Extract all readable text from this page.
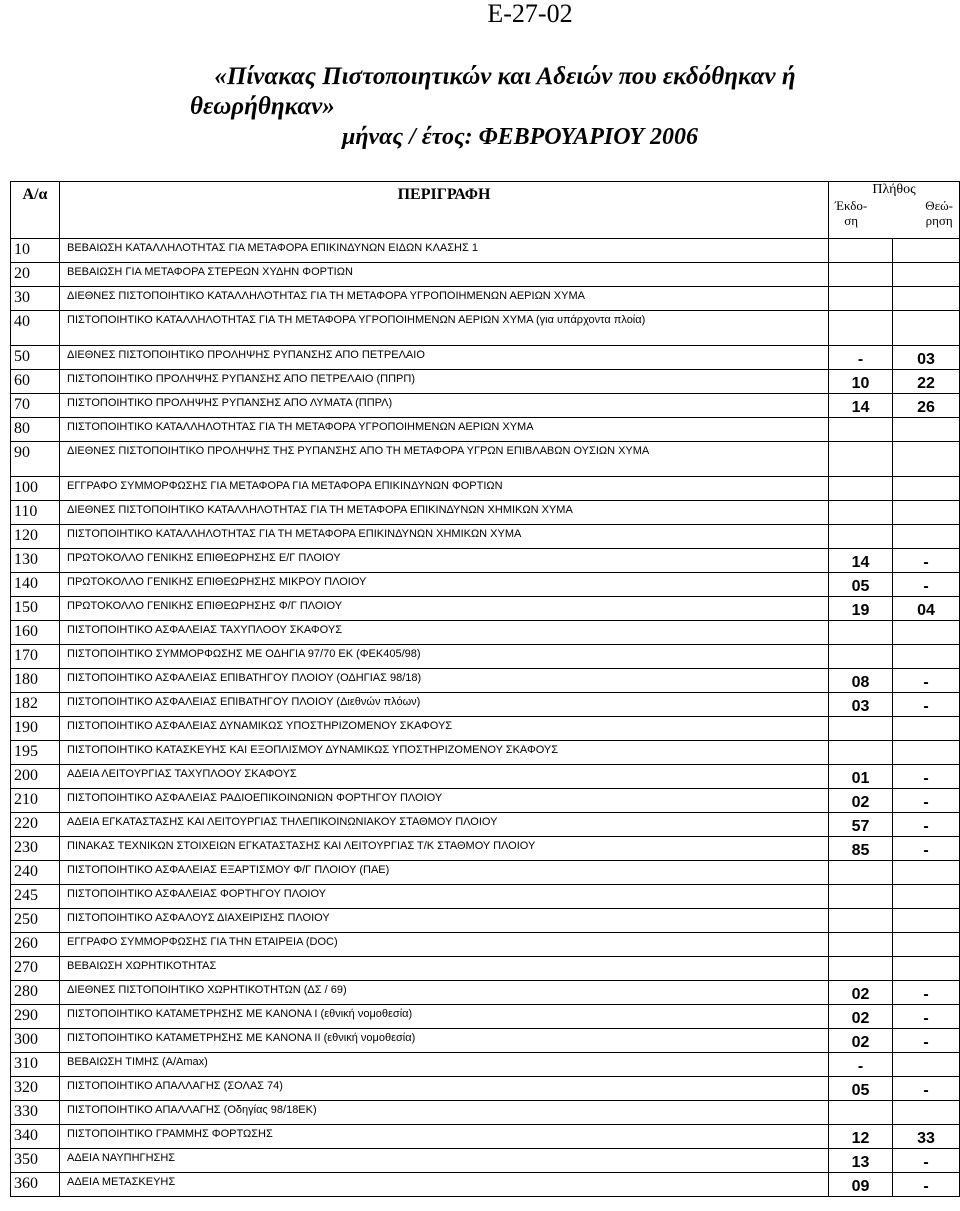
E-27-02
«Πίνακας Πιστοποιητικών και Αδειών που εκδόθηκαν ή
θεωρήθηκαν»
μήνας / έτος: ΦΕΒΡΟΥΑΡΙΟΥ 2006
Α/α	ΠΕΡΙΓΡΑΦΗ	Πλήθος
Έκδο-
ση
Θεώ-
ρηση	

10	ΒΕΒΑΙΩΣΗ ΚΑΤΑΛΛΗΛΟΤΗΤΑΣ ΓΙΑ ΜΕΤΑΦΟΡΑ ΕΠΙΚΙΝΔΥΝΩΝ ΕΙΔΩΝ ΚΛΑΣΗΣ 1		
20	ΒΕΒΑΙΩΣΗ ΓΙΑ ΜΕΤΑΦΟΡΑ ΣΤΕΡΕΩΝ ΧΥΔΗΝ ΦΟΡΤΙΩΝ		
30	ΔΙΕΘΝΕΣ ΠΙΣΤΟΠΟΙΗΤΙΚΟ ΚΑΤΑΛΛΗΛΟΤΗΤΑΣ ΓΙΑ ΤΗ ΜΕΤΑΦΟΡΑ ΥΓΡΟΠΟΙΗΜΕΝΩΝ ΑΕΡΙΩΝ ΧΥΜΑ		
40	ΠΙΣΤΟΠΟΙΗΤΙΚΟ ΚΑΤΑΛΛΗΛΟΤΗΤΑΣ ΓΙΑ ΤΗ ΜΕΤΑΦΟΡΑ ΥΓΡΟΠΟΙΗΜΕΝΩΝ ΑΕΡΙΩΝ ΧΥΜΑ (για υπάρχοντα πλοία)		
50	ΔΙΕΘΝΕΣ ΠΙΣΤΟΠΟΙΗΤΙΚΟ ΠΡΟΛΗΨΗΣ ΡΥΠΑΝΣΗΣ ΑΠΟ ΠΕΤΡΕΛΑΙΟ	-	03
60	ΠΙΣΤΟΠΟΙΗΤΙΚΟ ΠΡΟΛΗΨΗΣ ΡΥΠΑΝΣΗΣ ΑΠΟ ΠΕΤΡΕΛΑΙΟ (ΠΠΡΠ)	10	22
70	ΠΙΣΤΟΠΟΙΗΤΙΚΟ ΠΡΟΛΗΨΗΣ ΡΥΠΑΝΣΗΣ ΑΠΟ ΛΥΜΑΤΑ (ΠΠΡΛ)	14	26
80	ΠΙΣΤΟΠΟΙΗΤΙΚΟ ΚΑΤΑΛΛΗΛΟΤΗΤΑΣ ΓΙΑ ΤΗ ΜΕΤΑΦΟΡΑ ΥΓΡΟΠΟΙΗΜΕΝΩΝ ΑΕΡΙΩΝ ΧΥΜΑ		
90	ΔΙΕΘΝΕΣ ΠΙΣΤΟΠΟΙΗΤΙΚΟ ΠΡΟΛΗΨΗΣ ΤΗΣ ΡΥΠΑΝΣΗΣ ΑΠΟ ΤΗ ΜΕΤΑΦΟΡΑ ΥΓΡΩΝ ΕΠΙΒΛΑΒΩΝ ΟΥΣΙΩΝ ΧΥΜΑ		
100	ΕΓΓΡΑΦΟ ΣΥΜΜΟΡΦΩΣΗΣ ΓΙΑ ΜΕΤΑΦΟΡΑ ΓΙΑ ΜΕΤΑΦΟΡΑ ΕΠΙΚΙΝΔΥΝΩΝ ΦΟΡΤΙΩΝ		
110	ΔΙΕΘΝΕΣ ΠΙΣΤΟΠΟΙΗΤΙΚΟ ΚΑΤΑΛΛΗΛΟΤΗΤΑΣ ΓΙΑ ΤΗ ΜΕΤΑΦΟΡΑ ΕΠΙΚΙΝΔΥΝΩΝ ΧΗΜΙΚΩΝ ΧΥΜΑ		
120	ΠΙΣΤΟΠΟΙΗΤΙΚΟ ΚΑΤΑΛΛΗΛΟΤΗΤΑΣ ΓΙΑ ΤΗ ΜΕΤΑΦΟΡΑ ΕΠΙΚΙΝΔΥΝΩΝ ΧΗΜΙΚΩΝ ΧΥΜΑ		
130	ΠΡΩΤΟΚΟΛΛΟ ΓΕΝΙΚΗΣ ΕΠΙΘΕΩΡΗΣΗΣ Ε/Γ ΠΛΟΙΟΥ	14	-
140	ΠΡΩΤΟΚΟΛΛΟ ΓΕΝΙΚΗΣ ΕΠΙΘΕΩΡΗΣΗΣ ΜΙΚΡΟΥ ΠΛΟΙΟΥ	05	-
150	ΠΡΩΤΟΚΟΛΛΟ ΓΕΝΙΚΗΣ ΕΠΙΘΕΩΡΗΣΗΣ Φ/Γ ΠΛΟΙΟΥ	19	04
160	ΠΙΣΤΟΠΟΙΗΤΙΚΟ ΑΣΦΑΛΕΙΑΣ ΤΑΧΥΠΛΟΟΥ ΣΚΑΦΟΥΣ		
170	ΠΙΣΤΟΠΟΙΗΤΙΚΟ ΣΥΜΜΟΡΦΩΣΗΣ ΜΕ ΟΔΗΓΙΑ 97/70 ΕΚ (ΦΕΚ405/98)		
180	ΠΙΣΤΟΠΟΙΗΤΙΚΟ ΑΣΦΑΛΕΙΑΣ ΕΠΙΒΑΤΗΓΟΥ ΠΛΟΙΟΥ (ΟΔΗΓΙΑΣ 98/18)	08	-
182	ΠΙΣΤΟΠΟΙΗΤΙΚΟ ΑΣΦΑΛΕΙΑΣ ΕΠΙΒΑΤΗΓΟΥ ΠΛΟΙΟΥ (Διεθνών πλόων)	03	-
190	ΠΙΣΤΟΠΟΙΗΤΙΚΟ ΑΣΦΑΛΕΙΑΣ ΔΥΝΑΜΙΚΩΣ ΥΠΟΣΤΗΡΙΖΟΜΕΝΟΥ ΣΚΑΦΟΥΣ		
195	ΠΙΣΤΟΠΟΙΗΤΙΚΟ ΚΑΤΑΣΚΕΥΗΣ ΚΑΙ ΕΞΟΠΛΙΣΜΟΥ ΔΥΝΑΜΙΚΩΣ ΥΠΟΣΤΗΡΙΖΟΜΕΝΟΥ ΣΚΑΦΟΥΣ		
200	ΑΔΕΙΑ ΛΕΙΤΟΥΡΓΙΑΣ ΤΑΧΥΠΛΟΟΥ ΣΚΑΦΟΥΣ	01	-
210	ΠΙΣΤΟΠΟΙΗΤΙΚΟ ΑΣΦΑΛΕΙΑΣ ΡΑΔΙΟΕΠΙΚΟΙΝΩΝΙΩΝ ΦΟΡΤΗΓΟΥ ΠΛΟΙΟΥ	02	-
220	ΑΔΕΙΑ ΕΓΚΑΤΑΣΤΑΣΗΣ ΚΑΙ ΛΕΙΤΟΥΡΓΙΑΣ ΤΗΛΕΠΙΚΟΙΝΩΝΙΑΚΟΥ ΣΤΑΘΜΟΥ ΠΛΟΙΟΥ	57	-
230	ΠΙΝΑΚΑΣ ΤΕΧΝΙΚΩΝ ΣΤΟΙΧΕΙΩΝ ΕΓΚΑΤΑΣΤΑΣΗΣ ΚΑΙ ΛΕΙΤΟΥΡΓΙΑΣ Τ/Κ ΣΤΑΘΜΟΥ ΠΛΟΙΟΥ	85	-
240	ΠΙΣΤΟΠΟΙΗΤΙΚΟ ΑΣΦΑΛΕΙΑΣ ΕΞΑΡΤΙΣΜΟΥ Φ/Γ ΠΛΟΙΟΥ (ΠΑΕ)		
245	ΠΙΣΤΟΠΟΙΗΤΙΚΟ ΑΣΦΑΛΕΙΑΣ ΦΟΡΤΗΓΟΥ ΠΛΟΙΟΥ		
250	ΠΙΣΤΟΠΟΙΗΤΙΚΟ ΑΣΦΑΛΟΥΣ ΔΙΑΧΕΙΡΙΣΗΣ ΠΛΟΙΟΥ		
260	ΕΓΓΡΑΦΟ ΣΥΜΜΟΡΦΩΣΗΣ ΓΙΑ ΤΗΝ ΕΤΑΙΡΕΙΑ (DOC)		
270	ΒΕΒΑΙΩΣΗ ΧΩΡΗΤΙΚΟΤΗΤΑΣ		
280	ΔΙΕΘΝΕΣ ΠΙΣΤΟΠΟΙΗΤΙΚΟ ΧΩΡΗΤΙΚΟΤΗΤΩΝ (ΔΣ / 69)	02	-
290	ΠΙΣΤΟΠΟΙΗΤΙΚΟ ΚΑΤΑΜΕΤΡΗΣΗΣ ΜΕ ΚΑΝΟΝΑ Ι (εθνική νομοθεσία)	02	-
300	ΠΙΣΤΟΠΟΙΗΤΙΚΟ ΚΑΤΑΜΕΤΡΗΣΗΣ ΜΕ ΚΑΝΟΝΑ ΙΙ (εθνική νομοθεσία)	02	-
310	ΒΕΒΑΙΩΣΗ ΤΙΜΗΣ (Α/Amax)	-	
320	ΠΙΣΤΟΠΟΙΗΤΙΚΟ ΑΠΑΛΛΑΓΗΣ (ΣΟΛΑΣ 74)	05	-
330	ΠΙΣΤΟΠΟΙΗΤΙΚΟ ΑΠΑΛΛΑΓΗΣ (Οδηγίας 98/18ΕΚ)		
340	ΠΙΣΤΟΠΟΙΗΤΙΚΟ ΓΡΑΜΜΗΣ ΦΟΡΤΩΣΗΣ	12	33
350	ΑΔΕΙΑ ΝΑΥΠΗΓΗΣΗΣ	13	-
360	ΑΔΕΙΑ ΜΕΤΑΣΚΕΥΗΣ	09	-
